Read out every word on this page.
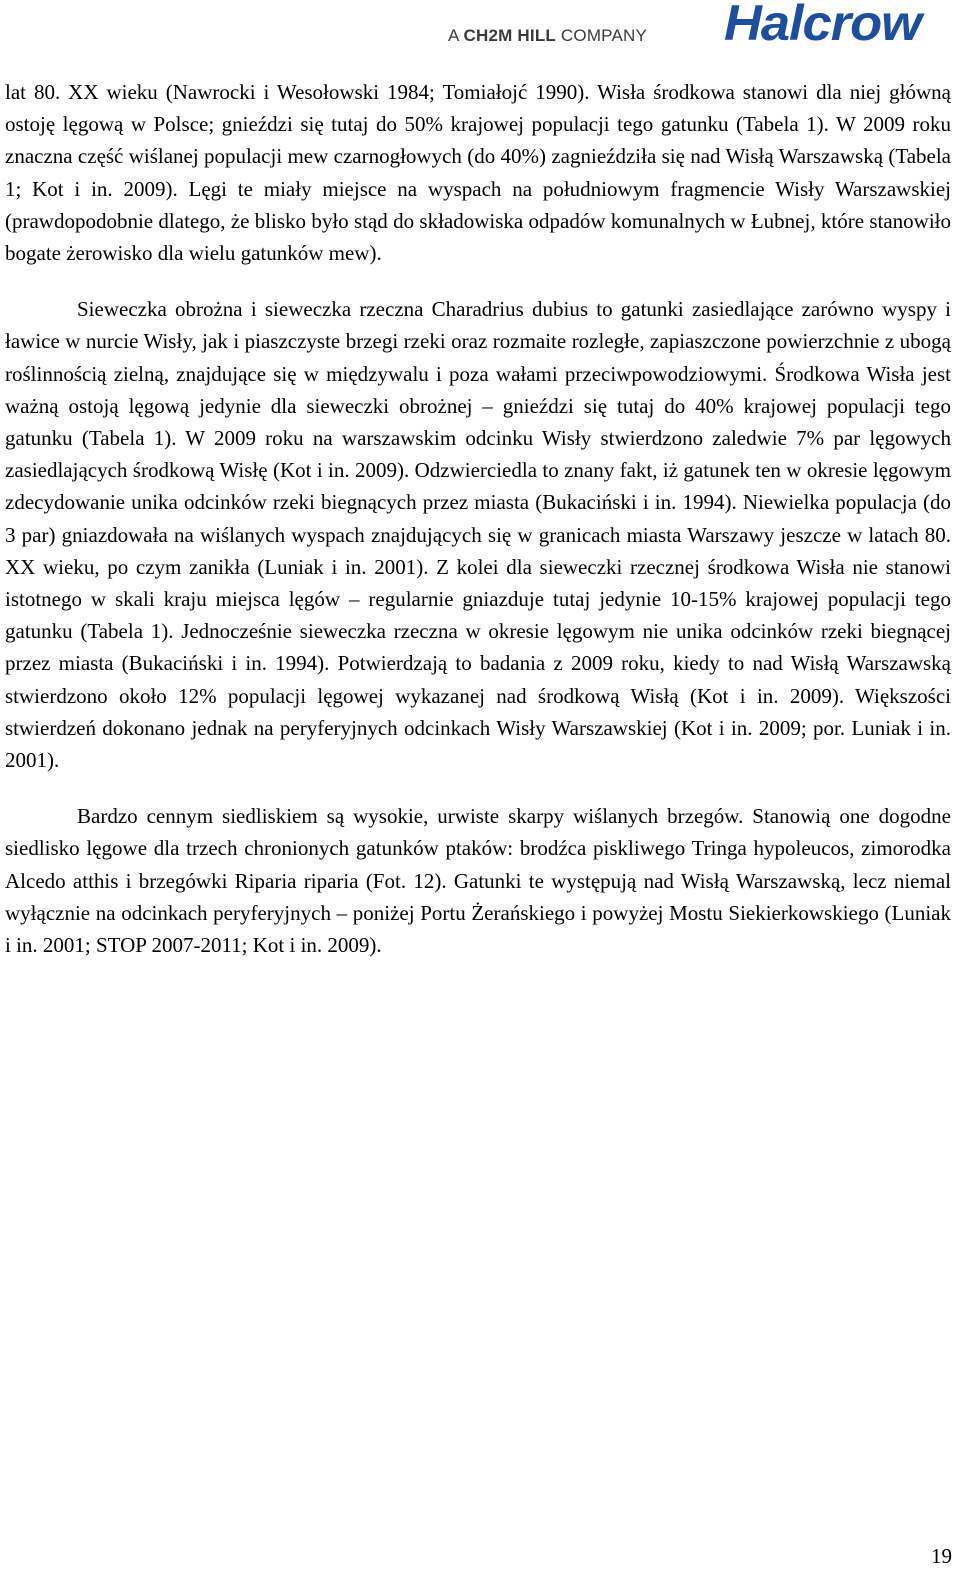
A CH2M HILL COMPANY Halcrow

lat 80. XX wieku (Nawrocki i Wesołowski 1984; Tomiałojć 1990). Wisła środkowa stanowi dla niej główną ostoję lęgową w Polsce; gnieździ się tutaj do 50% krajowej populacji tego gatunku (Tabela 1). W 2009 roku znaczna część wiślanej populacji mew czarnogłowych (do 40%) zagnieździła się nad Wisłą Warszawską (Tabela 1; Kot i in. 2009). Lęgi te miały miejsce na wyspach na południowym fragmencie Wisły Warszawskiej (prawdopodobnie dlatego, że blisko było stąd do składowiska odpadów komunalnych w Łubnej, które stanowiło bogate żerowisko dla wielu gatunków mew).

Sieweczka obrożna i sieweczka rzeczna Charadrius dubius to gatunki zasiedlające zarówno wyspy i ławice w nurcie Wisły, jak i piaszczyste brzegi rzeki oraz rozmaite rozległe, zapiaszczone powierzchnie z ubogą roślinnością zielną, znajdujące się w międzywalu i poza wałami przeciwpowodziowymi. Środkowa Wisła jest ważną ostoją lęgową jedynie dla sieweczki obrożnej – gnieździ się tutaj do 40% krajowej populacji tego gatunku (Tabela 1). W 2009 roku na warszawskim odcinku Wisły stwierdzono zaledwie 7% par lęgowych zasiedlających środkową Wisłę (Kot i in. 2009). Odzwierciedla to znany fakt, iż gatunek ten w okresie lęgowym zdecydowanie unika odcinków rzeki biegnących przez miasta (Bukaciński i in. 1994). Niewielka populacja (do 3 par) gniazdowała na wiślanych wyspach znajdujących się w granicach miasta Warszawy jeszcze w latach 80. XX wieku, po czym zanikła (Luniak i in. 2001). Z kolei dla sieweczki rzecznej środkowa Wisła nie stanowi istotnego w skali kraju miejsca lęgów – regularnie gniazduje tutaj jedynie 10-15% krajowej populacji tego gatunku (Tabela 1). Jednocześnie sieweczka rzeczna w okresie lęgowym nie unika odcinków rzeki biegnącej przez miasta (Bukaciński i in. 1994). Potwierdzają to badania z 2009 roku, kiedy to nad Wisłą Warszawską stwierdzono około 12% populacji lęgowej wykazanej nad środkową Wisłą (Kot i in. 2009). Większości stwierdzeń dokonano jednak na peryferyjnych odcinkach Wisły Warszawskiej (Kot i in. 2009; por. Luniak i in. 2001).

Bardzo cennym siedliskiem są wysokie, urwiste skarpy wiślanych brzegów. Stanowią one dogodne siedlisko lęgowe dla trzech chronionych gatunków ptaków: brodźca piskliwego Tringa hypoleucos, zimorodka Alcedo atthis i brzegówki Riparia riparia (Fot. 12). Gatunki te występują nad Wisłą Warszawską, lecz niemal wyłącznie na odcinkach peryferyjnych – poniżej Portu Żerańskiego i powyżej Mostu Siekierkowskiego (Luniak i in. 2001; STOP 2007-2011; Kot i in. 2009).

19
